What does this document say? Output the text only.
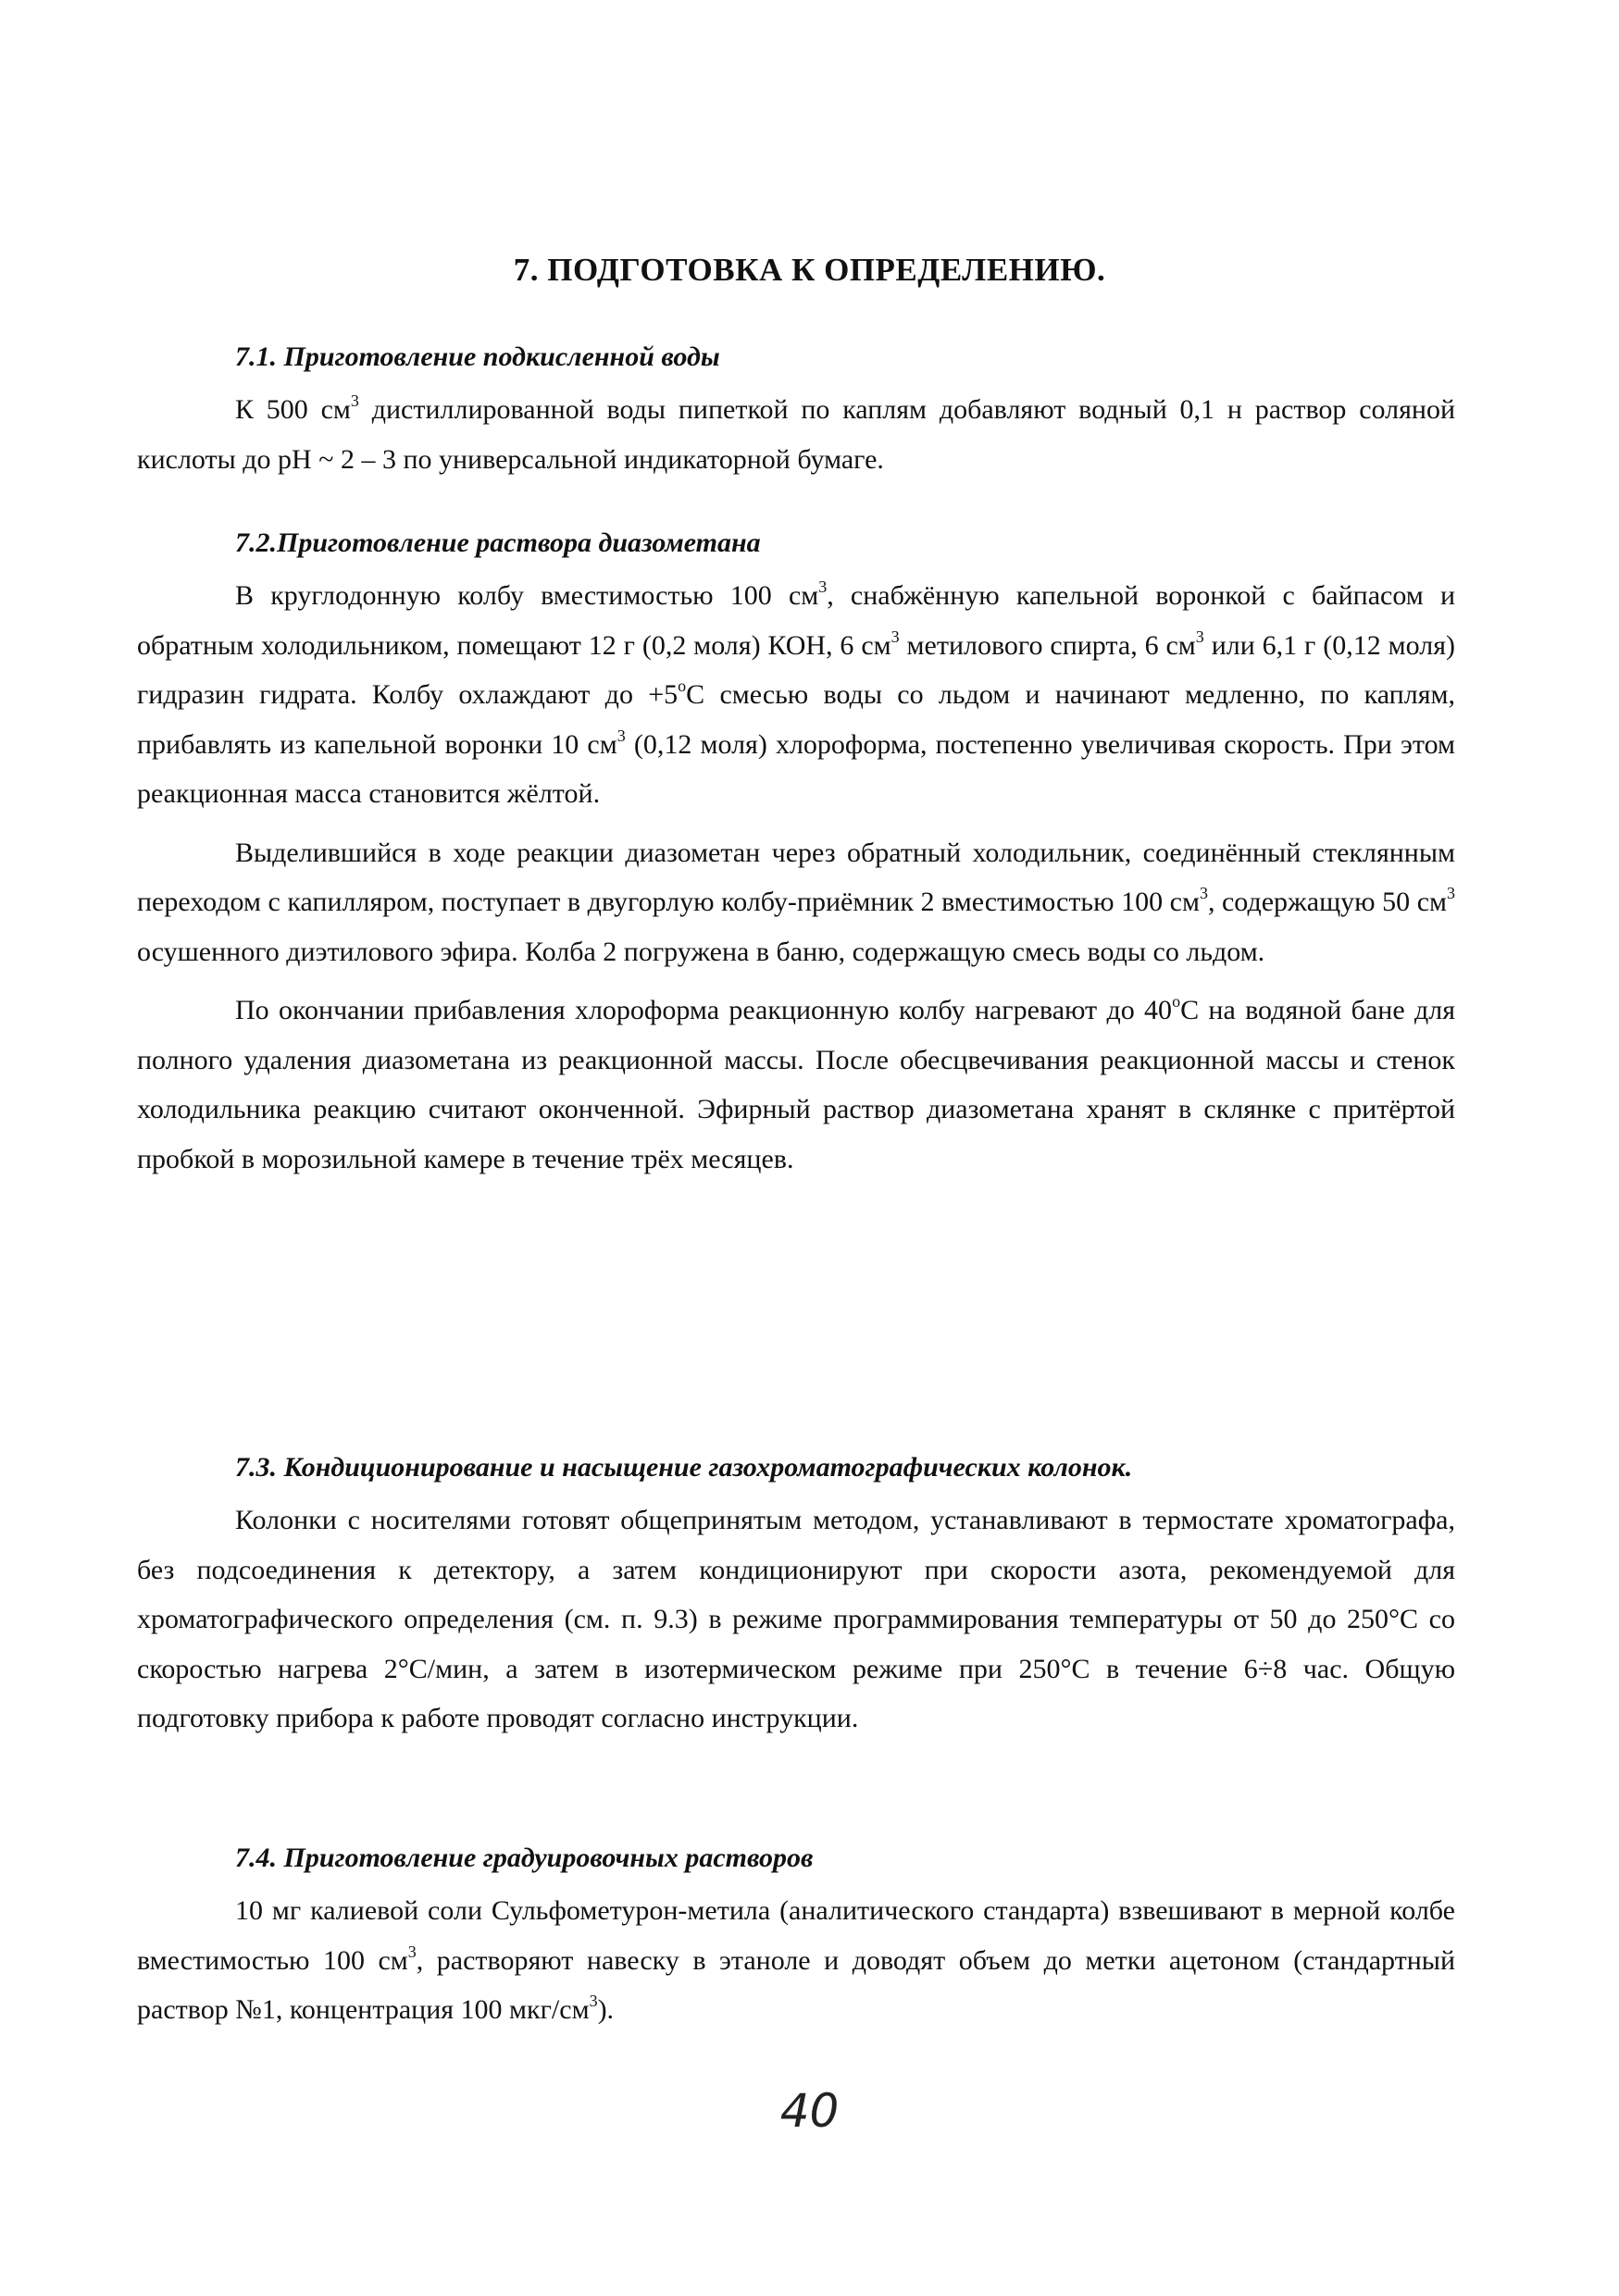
7. ПОДГОТОВКА К ОПРЕДЕЛЕНИЮ.
7.1. Приготовление подкисленной воды

К 500 $см^3$ дистиллированной воды пипеткой по каплям добавляют водный 0,1 н раствор соляной кислоты до рН ~ 2 – 3 по универсальной индикаторной бумаге.

7.2.Приготовление раствора диазометана

В круглодонную колбу вместимостью 100 $см^3$, снабжённую капельной воронкой с байпасом и обратным холодильником, помещают 12 г (0,2 моля) КОН, 6 $см^3$ метилового спирта, 6 $см^3$ или 6,1 г (0,12 моля) гидразин гидрата. Колбу охлаждают до $+5^оС$ смесью воды со льдом и начинают медленно, по каплям, прибавлять из капельной воронки 10 $см^3$ (0,12 моля) хлороформа, постепенно увеличивая скорость. При этом реакционная масса становится жёлтой.

Выделившийся в ходе реакции диазометан через обратный холодильник, соединённый стеклянным переходом с капилляром, поступает в двугорлую колбу-приёмник 2 вместимостью 100 $см^3$, содержащую 50 $см^3$ осушенного диэтилового эфира. Колба 2 погружена в баню, содержащую смесь воды со льдом.

По окончании прибавления хлороформа реакционную колбу нагревают до $40^оС$ на водяной бане для полного удаления диазометана из реакционной массы. После обесцвечивания реакционной массы и стенок холодильника реакцию считают оконченной. Эфирный раствор диазометана хранят в склянке с притёртой пробкой в морозильной камере в течение трёх месяцев.

7.3. Кондиционирование и насыщение газохроматографических колонок.

Колонки с носителями готовят общепринятым методом, устанавливают в термостате хроматографа, без подсоединения к детектору, а затем кондиционируют при скорости азота, рекомендуемой для хроматографического определения (см. п. 9.3) в режиме программирования температуры от 50 до 250°С со скоростью нагрева 2°С/мин, а затем в изотермическом режиме при 250°С в течение 6÷8 час. Общую подготовку прибора к работе проводят согласно инструкции.

7.4. Приготовление градуировочных растворов

10 мг калиевой соли Сульфометурон-метила (аналитического стандарта) взвешивают в мерной колбе вместимостью 100 $см^3$, растворяют навеску в этаноле и доводят объем до метки ацетоном (стандартный раствор №1, концентрация 100 мкг/$см^3$).

40
